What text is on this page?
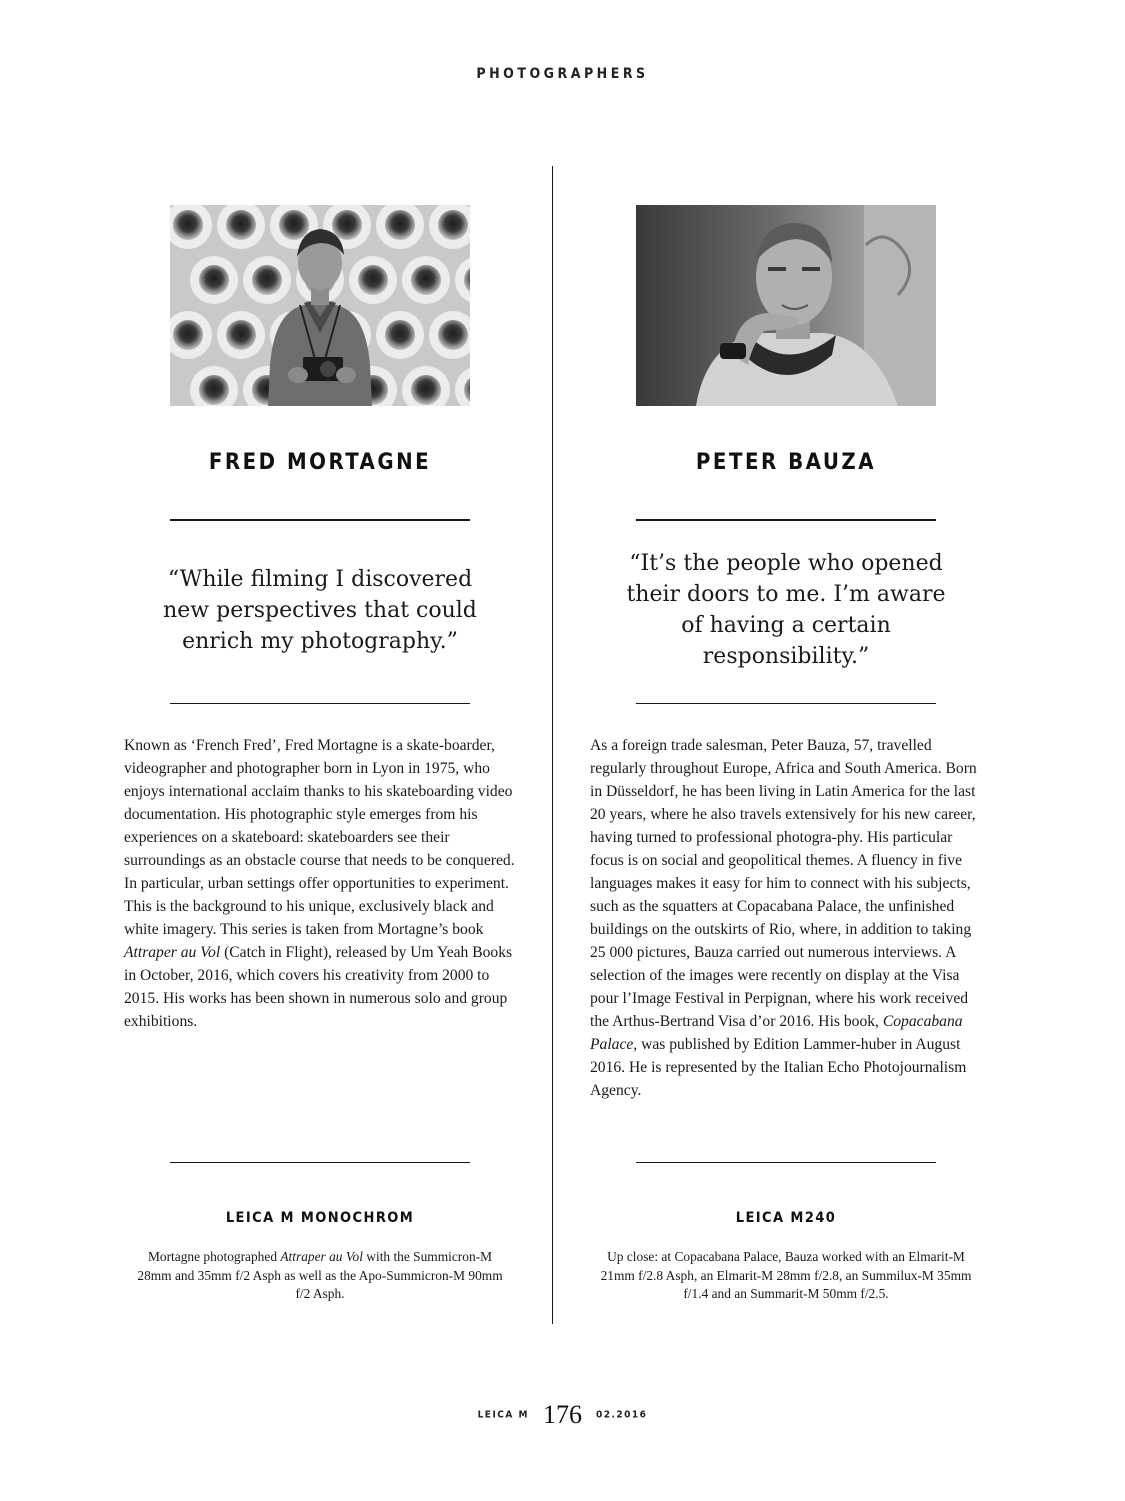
PHOTOGRAPHERS
FRED MORTAGNE
“While filming I discovered new perspectives that could enrich my photography.”
Known as ‘French Fred’, Fred Mortagne is a skate-boarder, videographer and photographer born in Lyon in 1975, who enjoys international acclaim thanks to his skateboarding video documentation. His photographic style emerges from his experiences on a skateboard: skateboarders see their surroundings as an obstacle course that needs to be conquered. In particular, urban settings offer opportunities to experiment. This is the background to his unique, exclusively black and white imagery. This series is taken from Mortagne’s book Attraper au Vol (Catch in Flight), released by Um Yeah Books in October, 2016, which covers his creativity from 2000 to 2015. His works has been shown in numerous solo and group exhibitions.
LEICA M MONOCHROM
Mortagne photographed Attraper au Vol with the Summicron-M 28mm and 35mm f/2 Asph as well as the Apo-Summicron-M 90mm f/2 Asph.
PETER BAUZA
“It’s the people who opened their doors to me. I’m aware of having a certain responsibility.”
As a foreign trade salesman, Peter Bauza, 57, travelled regularly throughout Europe, Africa and South America. Born in Düsseldorf, he has been living in Latin America for the last 20 years, where he also travels extensively for his new career, having turned to professional photogra-phy. His particular focus is on social and geopolitical themes. A fluency in five languages makes it easy for him to connect with his subjects, such as the squatters at Copacabana Palace, the unfinished buildings on the outskirts of Rio, where, in addition to taking 25 000 pictures, Bauza carried out numerous interviews. A selection of the images were recently on display at the Visa pour l’Image Festival in Perpignan, where his work received the Arthus-Bertrand Visa d’or 2016. His book, Copacabana Palace, was published by Edition Lammer-huber in August 2016. He is represented by the Italian Echo Photojournalism Agency.
LEICA M240
Up close: at Copacabana Palace, Bauza worked with an Elmarit-M 21mm f/2.8 Asph, an Elmarit-M 28mm f/2.8, an Summilux-M 35mm f/1.4 and an Summarit-M 50mm f/2.5.
LEICA M 176 02.2016
